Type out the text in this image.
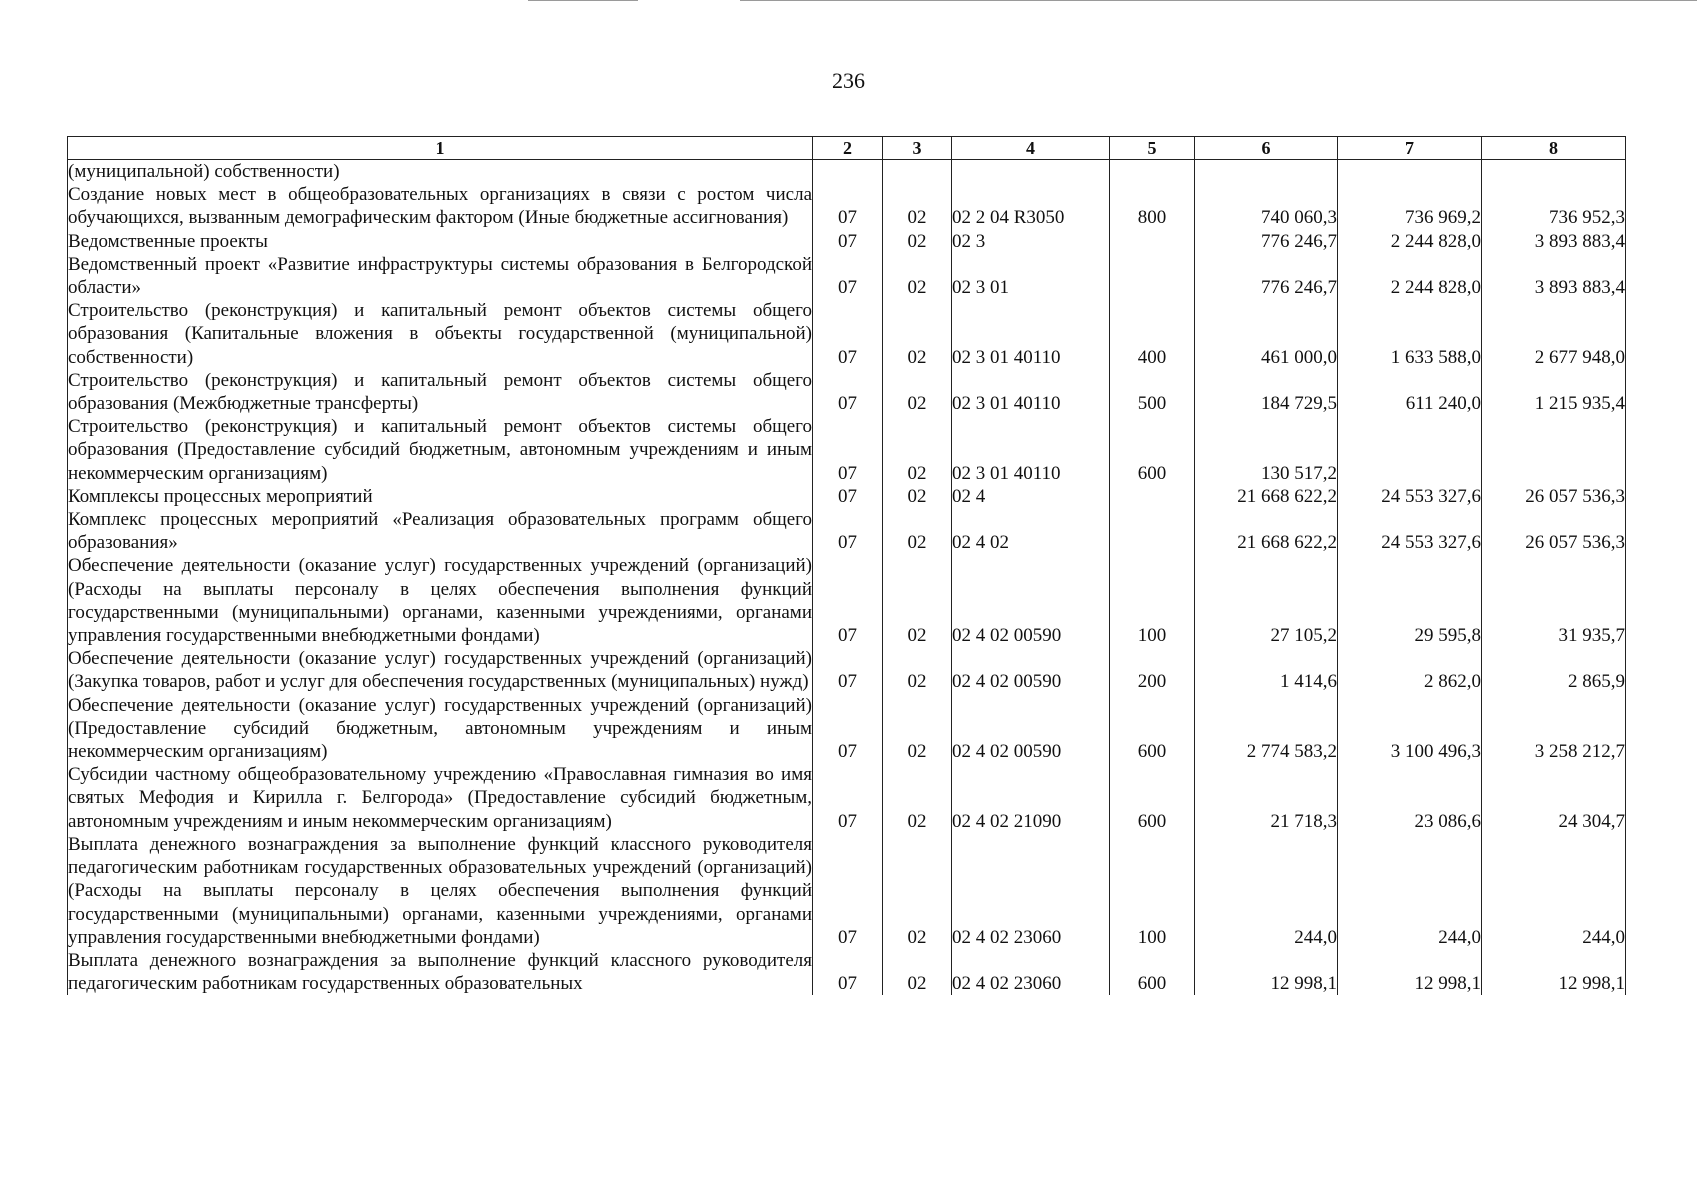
236
1	2	3	4	5	6	7	8
(муниципальной) собственности)							
Создание новых мест в общеобразовательных организациях в связи с ростом числа обучающихся, вызванным демографическим фактором (Иные бюджетные ассигнования)	07	02	02 2 04 R3050	800	740 060,3	736 969,2	736 952,3
Ведомственные проекты	07	02	02 3		776 246,7	2 244 828,0	3 893 883,4
Ведомственный проект «Развитие инфраструктуры системы образования в Белгородской области»	07	02	02 3 01		776 246,7	2 244 828,0	3 893 883,4
Строительство (реконструкция) и капитальный ремонт объектов системы общего образования (Капитальные вложения в объекты государственной (муниципальной) собственности)	07	02	02 3 01 40110	400	461 000,0	1 633 588,0	2 677 948,0
Строительство (реконструкция) и капитальный ремонт объектов системы общего образования (Межбюджетные трансферты)	07	02	02 3 01 40110	500	184 729,5	611 240,0	1 215 935,4
Строительство (реконструкция) и капитальный ремонт объектов системы общего образования (Предоставление субсидий бюджетным, автономным учреждениям и иным некоммерческим организациям)	07	02	02 3 01 40110	600	130 517,2		
Комплексы процессных мероприятий	07	02	02 4		21 668 622,2	24 553 327,6	26 057 536,3
Комплекс процессных мероприятий «Реализация образовательных программ общего образования»	07	02	02 4 02		21 668 622,2	24 553 327,6	26 057 536,3
Обеспечение деятельности (оказание услуг) государственных учреждений (организаций) (Расходы на выплаты персоналу в целях обеспечения выполнения функций государственными (муниципальными) органами, казенными учреждениями, органами управления государственными внебюджетными фондами)	07	02	02 4 02 00590	100	27 105,2	29 595,8	31 935,7
Обеспечение деятельности (оказание услуг) государственных учреждений (организаций) (Закупка товаров, работ и услуг для обеспечения государственных (муниципальных) нужд)	07	02	02 4 02 00590	200	1 414,6	2 862,0	2 865,9
Обеспечение деятельности (оказание услуг) государственных учреждений (организаций) (Предоставление субсидий бюджетным, автономным учреждениям и иным некоммерческим организациям)	07	02	02 4 02 00590	600	2 774 583,2	3 100 496,3	3 258 212,7
Субсидии частному общеобразовательному учреждению «Православная гимназия во имя святых Мефодия и Кирилла г. Белгорода» (Предоставление субсидий бюджетным, автономным учреждениям и иным некоммерческим организациям)	07	02	02 4 02 21090	600	21 718,3	23 086,6	24 304,7
Выплата денежного вознаграждения за выполнение функций классного руководителя педагогическим работникам государственных образовательных учреждений (организаций) (Расходы на выплаты персоналу в целях обеспечения выполнения функций государственными (муниципальными) органами, казенными учреждениями, органами управления государственными внебюджетными фондами)	07	02	02 4 02 23060	100	244,0	244,0	244,0
Выплата денежного вознаграждения за выполнение функций классного руководителя педагогическим работникам государственных образовательных	07	02	02 4 02 23060	600	12 998,1	12 998,1	12 998,1
